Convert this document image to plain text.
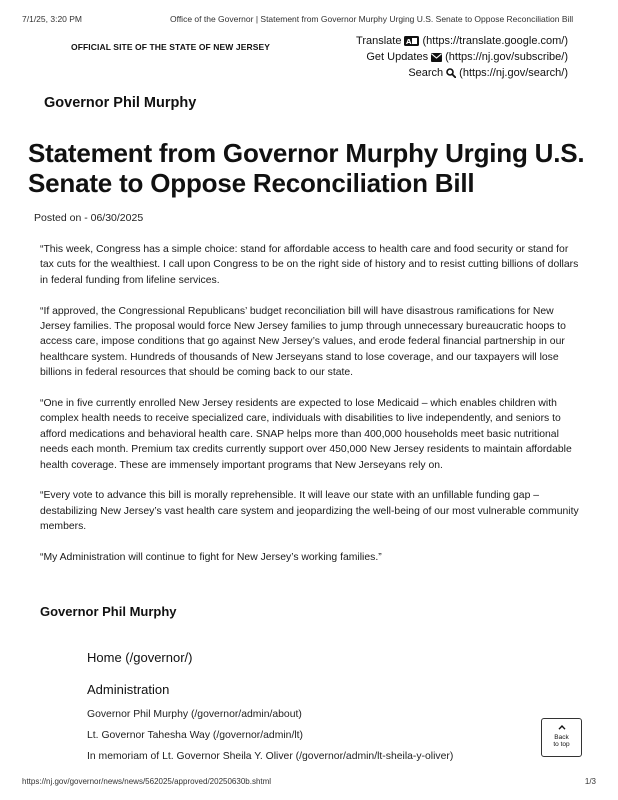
7/1/25, 3:20 PM	Office of the Governor | Statement from Governor Murphy Urging U.S. Senate to Oppose Reconciliation Bill
OFFICIAL SITE OF THE STATE OF NEW JERSEY	Translate A (https://translate.google.com/)
Get Updates (https://nj.gov/subscribe/)
Search (https://nj.gov/search/)
Governor Phil Murphy
Statement from Governor Murphy Urging U.S. Senate to Oppose Reconciliation Bill
Posted on - 06/30/2025

“This week, Congress has a simple choice: stand for affordable access to health care and food security or stand for tax cuts for the wealthiest. I call upon Congress to be on the right side of history and to resist cutting billions of dollars in federal funding from lifeline services.

“If approved, the Congressional Republicans’ budget reconciliation bill will have disastrous ramifications for New Jersey families. The proposal would force New Jersey families to jump through unnecessary bureaucratic hoops to access care, impose conditions that go against New Jersey’s values, and erode federal financial partnership in our healthcare system. Hundreds of thousands of New Jerseyans stand to lose coverage, and our taxpayers will lose billions in federal resources that should be coming back to our state.

“One in five currently enrolled New Jersey residents are expected to lose Medicaid – which enables children with complex health needs to receive specialized care, individuals with disabilities to live independently, and seniors to afford medications and behavioral health care. SNAP helps more than 400,000 households meet basic nutritional needs each month. Premium tax credits currently support over 450,000 New Jersey residents to maintain affordable health coverage. These are immensely important programs that New Jerseyans rely on.

“Every vote to advance this bill is morally reprehensible. It will leave our state with an unfillable funding gap – destabilizing New Jersey’s vast health care system and jeopardizing the well-being of our most vulnerable community members.

“My Administration will continue to fight for New Jersey’s working families.”

Governor Phil Murphy
Home (/governor/)
Administration
Governor Phil Murphy (/governor/admin/about)
Lt. Governor Tahesha Way (/governor/admin/lt)
In memoriam of Lt. Governor Sheila Y. Oliver (/governor/admin/lt-sheila-y-oliver)
Back
to top
https://nj.gov/governor/news/news/562025/approved/20250630b.shtml	1/3
